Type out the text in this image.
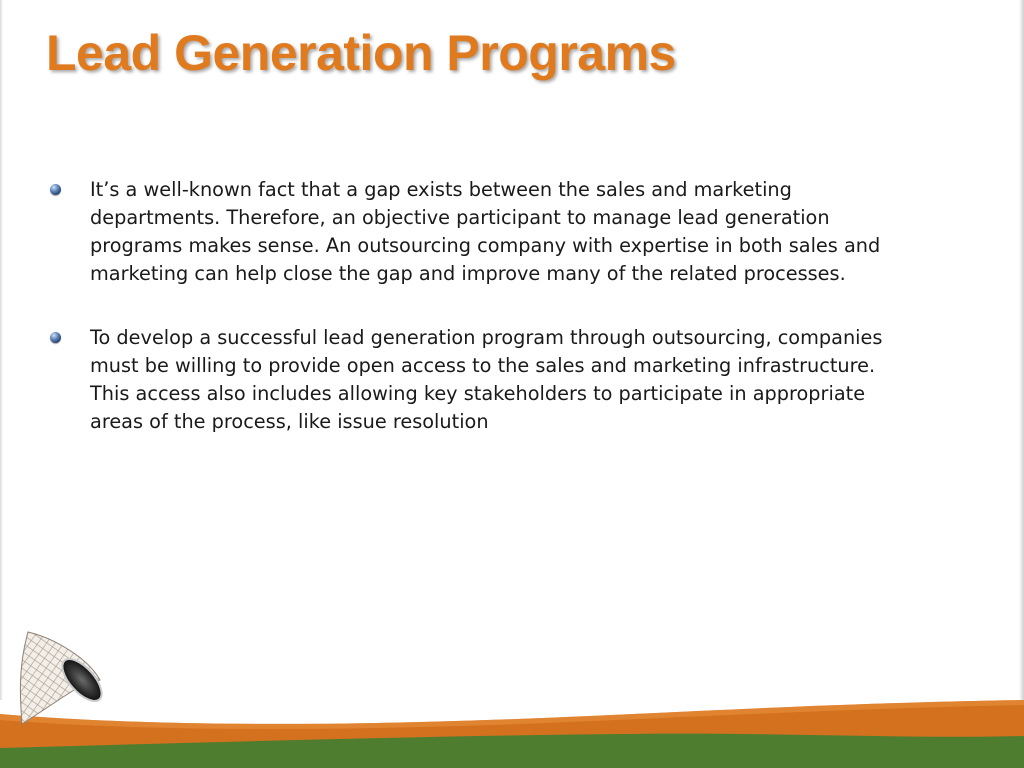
Lead Generation Programs
It’s a well-known fact that a gap exists between the sales and marketing departments. Therefore, an objective participant to manage lead generation programs makes sense. An outsourcing company with expertise in both sales and marketing can help close the gap and improve many of the related processes.
To develop a successful lead generation program through outsourcing, companies must be willing to provide open access to the sales and marketing infrastructure. This access also includes allowing key stakeholders to participate in appropriate areas of the process, like issue resolution
